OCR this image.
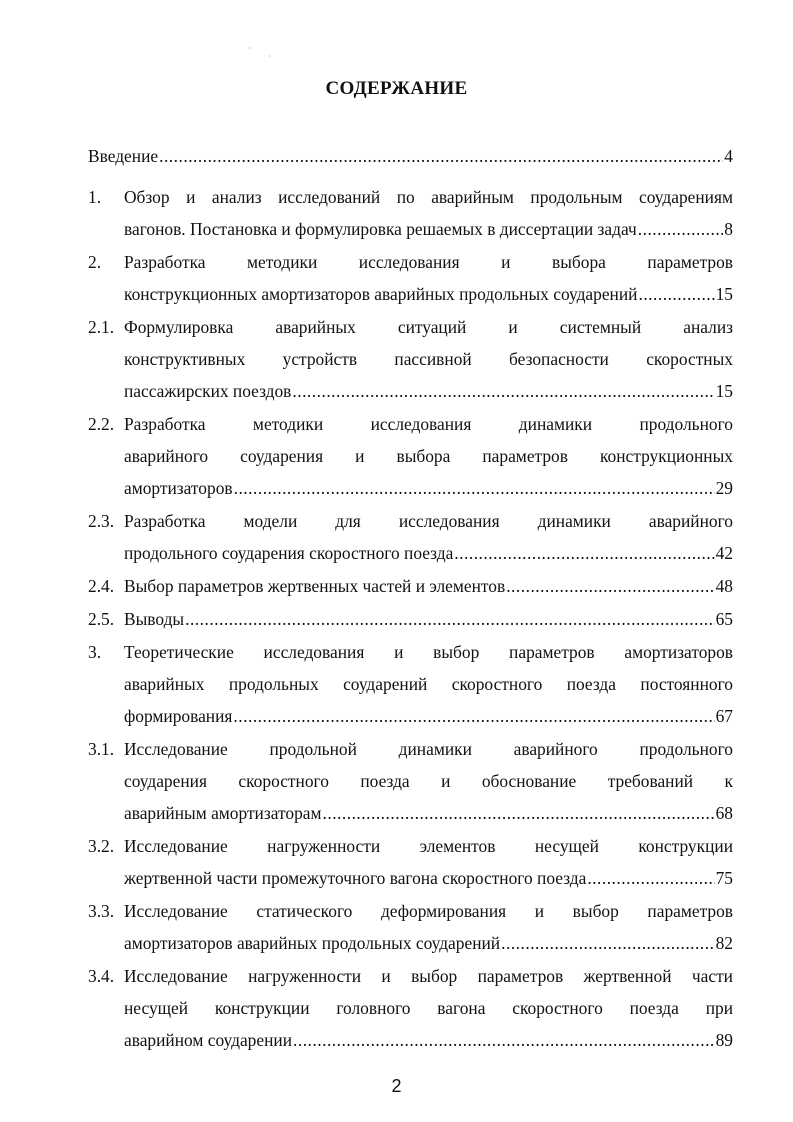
·
·
СОДЕРЖАНИЕ
Введение .....	4
1. Обзор и анализ исследований по аварийным продольным соударениям
вагонов. Постановка и формулировка решаемых в диссертации задач .....	8
2. Разработка методики исследования и выбора параметров
конструкционных амортизаторов аварийных продольных соударений .....	15
2.1. Формулировка аварийных ситуаций и системный анализ
конструктивных устройств пассивной безопасности скоростных
пассажирских поездов .....	15
2.2. Разработка методики исследования динамики продольного
аварийного соударения и выбора параметров конструкционных
амортизаторов .....	29
2.3. Разработка модели для исследования динамики аварийного
продольного соударения скоростного поезда .....	42
2.4. Выбор параметров жертвенных частей и элементов .....	48
2.5. Выводы .....	65
3. Теоретические исследования и выбор параметров амортизаторов
аварийных продольных соударений скоростного поезда постоянного
формирования .....	67
3.1. Исследование продольной динамики аварийного продольного
соударения скоростного поезда и обоснование требований к
аварийным амортизаторам .....	68
3.2. Исследование нагруженности элементов несущей конструкции
жертвенной части промежуточного вагона скоростного поезда .....	75
3.3. Исследование статического деформирования и выбор параметров
амортизаторов аварийных продольных соударений .....	82
3.4. Исследование нагруженности и выбор параметров жертвенной части
несущей конструкции головного вагона скоростного поезда при
аварийном соударении .....	89
2
